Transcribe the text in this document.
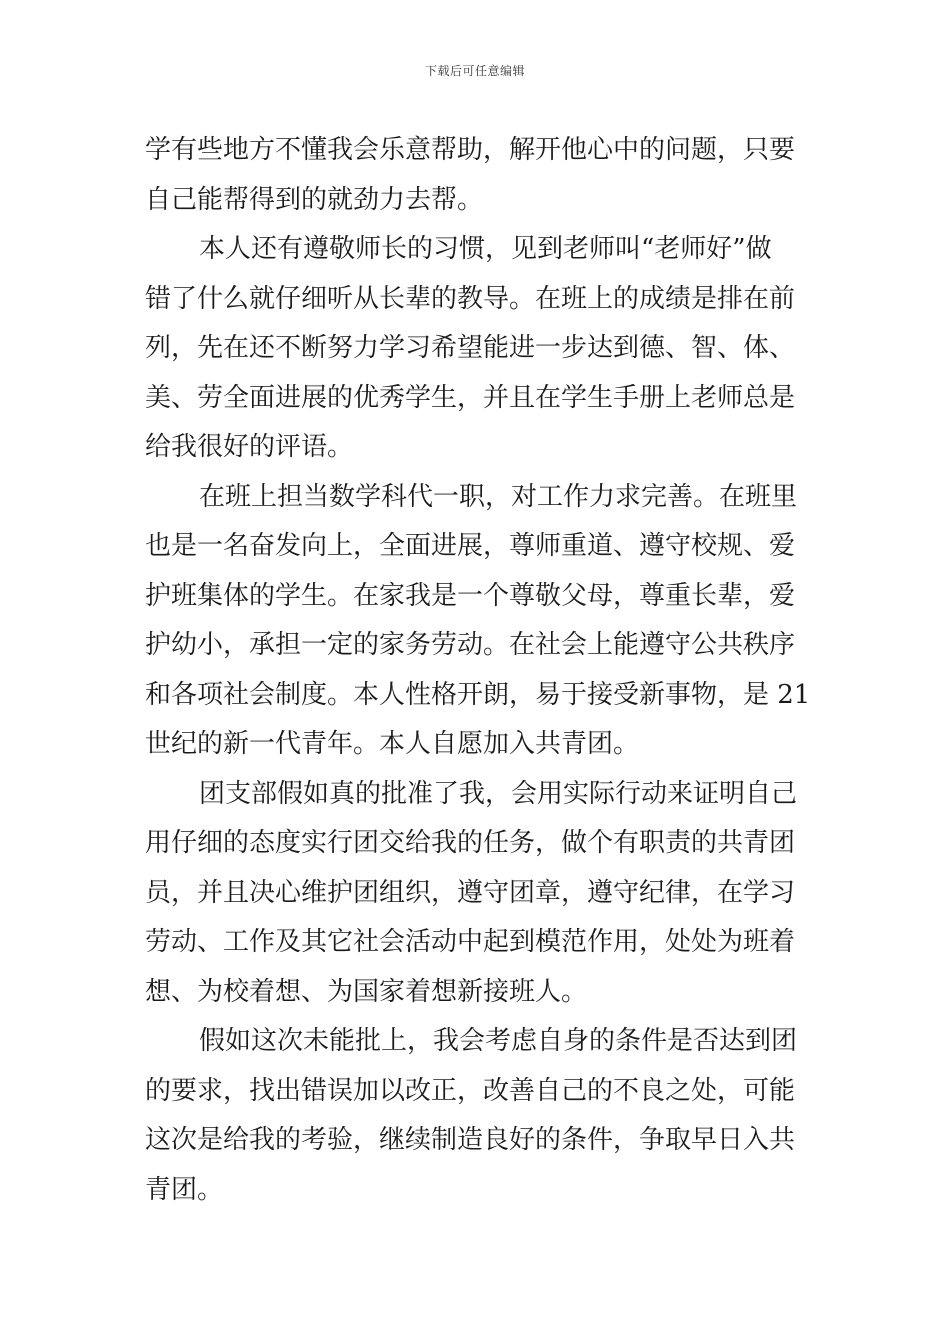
下载后可任意编辑
学有些地方不懂我会乐意帮助，解开他心中的问题，只要
自己能帮得到的就劲力去帮。
本人还有遵敬师长的习惯，见到老师叫“老师好”做
错了什么就仔细听从长辈的教导。在班上的成绩是排在前
列，先在还不断努力学习希望能进一步达到德、智、体、
美、劳全面进展的优秀学生，并且在学生手册上老师总是
给我很好的评语。
在班上担当数学科代一职，对工作力求完善。在班里
也是一名奋发向上，全面进展，尊师重道、遵守校规、爱
护班集体的学生。在家我是一个尊敬父母，尊重长辈，爱
护幼小，承担一定的家务劳动。在社会上能遵守公共秩序
和各项社会制度。本人性格开朗，易于接受新事物，是 21
世纪的新一代青年。本人自愿加入共青团。
团支部假如真的批准了我，会用实际行动来证明自己
用仔细的态度实行团交给我的任务，做个有职责的共青团
员，并且决心维护团组织，遵守团章，遵守纪律，在学习
劳动、工作及其它社会活动中起到模范作用，处处为班着
想、为校着想、为国家着想新接班人。
假如这次未能批上，我会考虑自身的条件是否达到团
的要求，找出错误加以改正，改善自己的不良之处，可能
这次是给我的考验，继续制造良好的条件，争取早日入共
青团。
